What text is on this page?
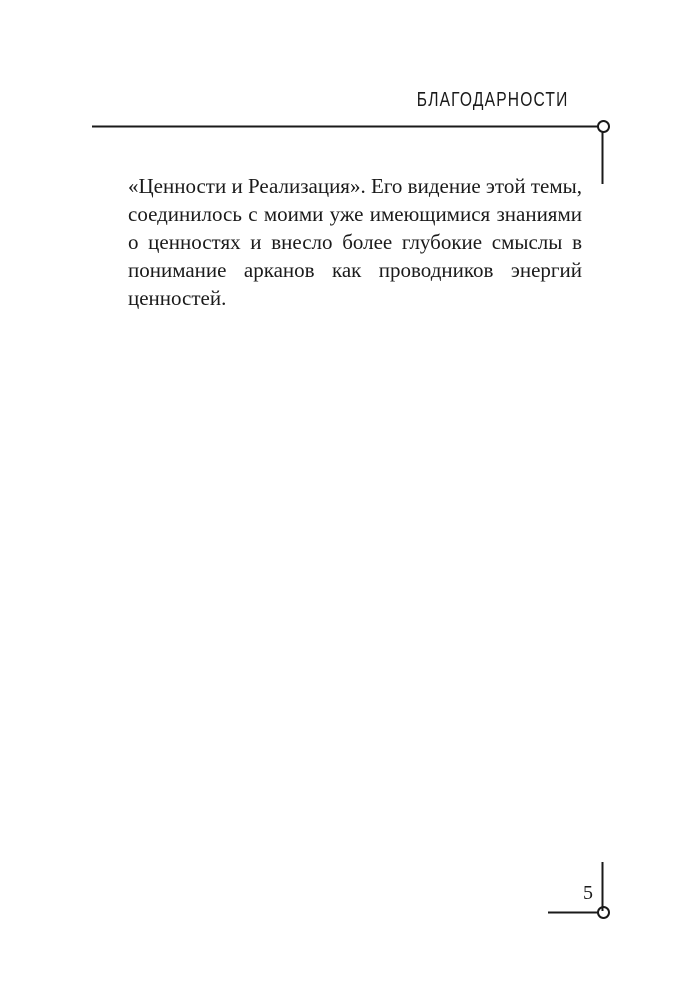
БЛАГОДАРНОСТИ

«Ценности и Реализация». Его видение этой темы, соединилось с моими уже имеющимися знаниями о ценностях и внесло более глубокие смыслы в понимание арканов как проводников энергий ценностей.

5
